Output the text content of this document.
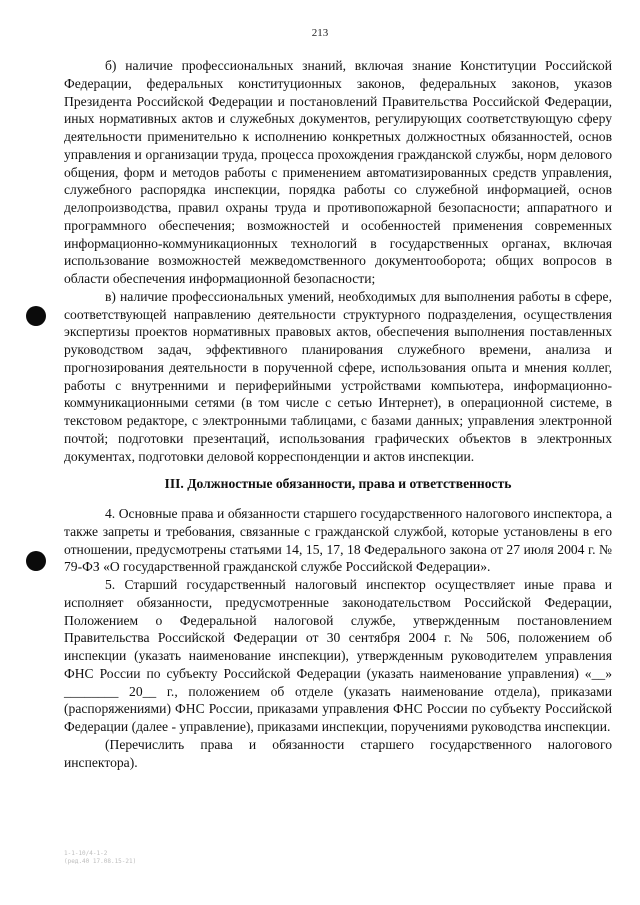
213

б) наличие профессиональных знаний, включая знание Конституции Российской Федерации, федеральных конституционных законов, федеральных законов, указов Президента Российской Федерации и постановлений Правительства Российской Федерации, иных нормативных актов и служебных документов, регулирующих соответствующую сферу деятельности применительно к исполнению конкретных должностных обязанностей, основ управления и организации труда, процесса прохождения гражданской службы, норм делового общения, форм и методов работы с применением автоматизированных средств управления, служебного распорядка инспекции, порядка работы со служебной информацией, основ делопроизводства, правил охраны труда и противопожарной безопасности; аппаратного и программного обеспечения; возможностей и особенностей применения современных информационно-коммуникационных технологий в государственных органах, включая использование возможностей межведомственного документооборота; общих вопросов в области обеспечения информационной безопасности;

в) наличие профессиональных умений, необходимых для выполнения работы в сфере, соответствующей направлению деятельности структурного подразделения, осуществления экспертизы проектов нормативных правовых актов, обеспечения выполнения поставленных руководством задач, эффективного планирования служебного времени, анализа и прогнозирования деятельности в порученной сфере, использования опыта и мнения коллег, работы с внутренними и периферийными устройствами компьютера, информационно-коммуникационными сетями (в том числе с сетью Интернет), в операционной системе, в текстовом редакторе, с электронными таблицами, с базами данных; управления электронной почтой; подготовки презентаций, использования графических объектов в электронных документах, подготовки деловой корреспонденции и актов инспекции.

III. Должностные обязанности, права и ответственность

4. Основные права и обязанности старшего государственного налогового инспектора, а также запреты и требования, связанные с гражданской службой, которые установлены в его отношении, предусмотрены статьями 14, 15, 17, 18 Федерального закона от 27 июля 2004 г. № 79-ФЗ «О государственной гражданской службе Российской Федерации».

5. Старший государственный налоговый инспектор осуществляет иные права и исполняет обязанности, предусмотренные законодательством Российской Федерации, Положением о Федеральной налоговой службе, утвержденным постановлением Правительства Российской Федерации от 30 сентября 2004 г. № 506, положением об инспекции (указать наименование инспекции), утвержденным руководителем управления ФНС России по субъекту Российской Федерации (указать наименование управления) «__» ________ 20__ г., положением об отделе (указать наименование отдела), приказами (распоряжениями) ФНС России, приказами управления ФНС России по субъекту Российской Федерации (далее - управление), приказами инспекции, поручениями руководства инспекции.

(Перечислить права и обязанности старшего государственного налогового инспектора).

1-1-10/4-1-2
(ред.40 17.08.15-21)
